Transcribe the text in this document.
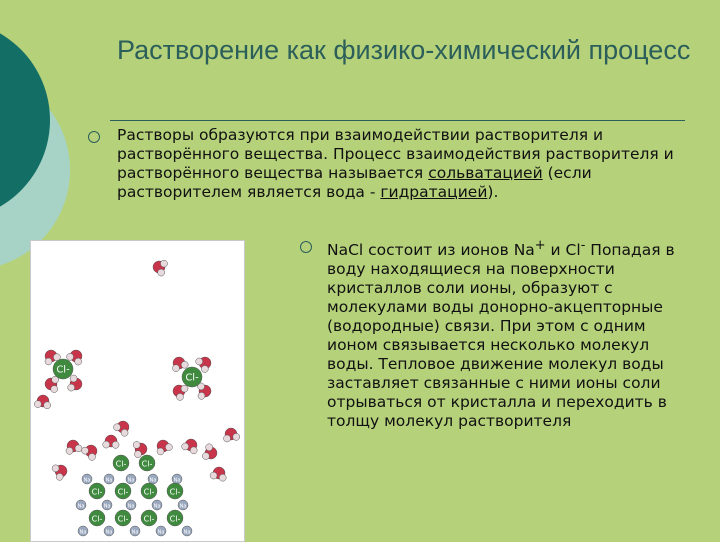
Растворение как физико-химический процесс
Растворы образуются при взаимодействии растворителя и растворённого вещества. Процесс взаимодействия растворителя и растворённого вещества называется сольватацией (если растворителем является вода - гидратацией).
NaCl состоит из ионов Na+ и Cl- Попадая в воду находящиеся на поверхности кристаллов соли ионы, образуют с молекулами воды донорно-акцепторные (водородные) связи. При этом с одним ионом связывается несколько молекул воды. Тепловое движение молекул воды заставляет связанные с ними ионы соли отрываться от кристалла и переходить в толщу молекул растворителя
Cl-
Cl-
Cl- Cl-
Na	Na	Na	Na	Na
Cl- Cl- Cl- Cl-
Na	Na	Na	Na	Na
Cl- Cl- Cl- Cl-
Na	Na	Na	Na	Na
